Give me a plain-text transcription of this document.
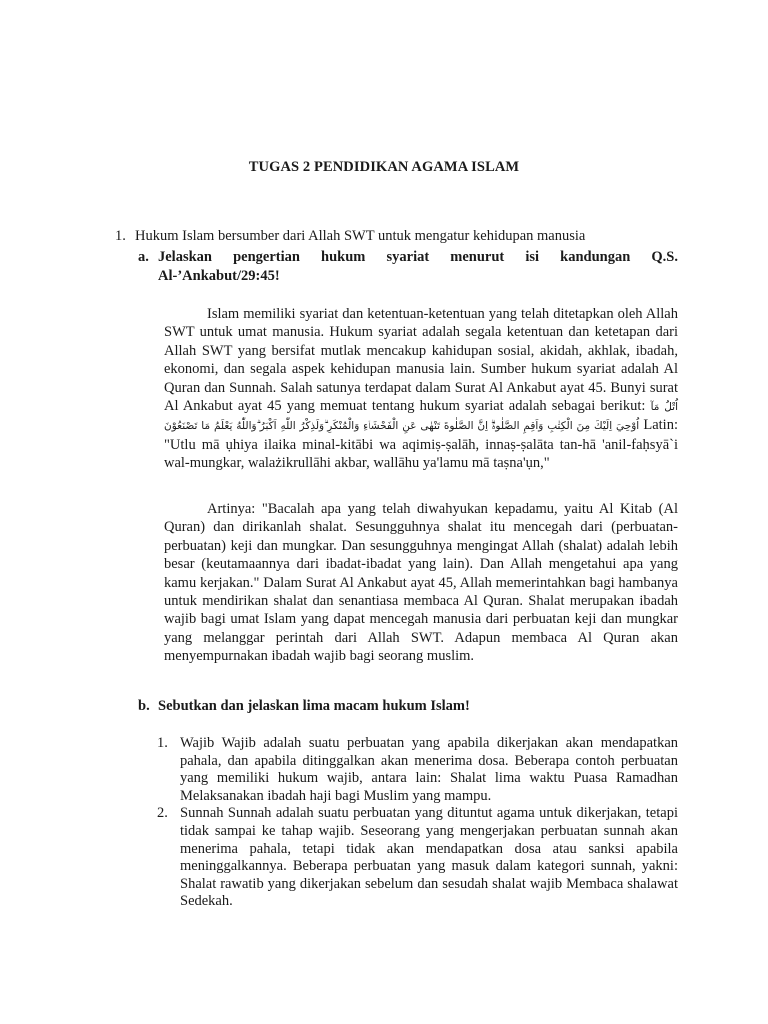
TUGAS 2 PENDIDIKAN AGAMA ISLAM
1. Hukum Islam bersumber dari Allah SWT untuk mengatur kehidupan manusia
a. Jelaskan pengertian hukum syariat menurut isi kandungan Q.S. Al-’Ankabut/29:45!
Islam memiliki syariat dan ketentuan-ketentuan yang telah ditetapkan oleh Allah SWT untuk umat manusia. Hukum syariat adalah segala ketentuan dan ketetapan dari Allah SWT yang bersifat mutlak mencakup kahidupan sosial, akidah, akhlak, ibadah, ekonomi, dan segala aspek kehidupan manusia lain. Sumber hukum syariat adalah Al Quran dan Sunnah. Salah satunya terdapat dalam Surat Al Ankabut ayat 45. Bunyi surat Al Ankabut ayat 45 yang memuat tentang hukum syariat adalah sebagai berikut: اُتْلُ مَآ اُوْحِيَ اِلَيْكَ مِنَ الْكِتٰبِ وَاَقِمِ الصَّلٰوةَۗ اِنَّ الصَّلٰوةَ تَنْهٰى عَنِ الْفَحْشَاۤءِ وَالْمُنْكَرِ ۗوَلَذِكْرُ اللّٰهِ اَكْبَرُ ۗوَاللّٰهُ يَعْلَمُ مَا تَصْنَعُوْنَ Latin: "Utlu mā ụhiya ilaika minal-kitābi wa aqimiṣ-ṣalāh, innaṣ-ṣalāta tan-hā 'anil-faḥsyā`i wal-mungkar, walażikrullāhi akbar, wallāhu ya'lamu mā taṣna'ụn,"
Artinya: "Bacalah apa yang telah diwahyukan kepadamu, yaitu Al Kitab (Al Quran) dan dirikanlah shalat. Sesungguhnya shalat itu mencegah dari (perbuatan-perbuatan) keji dan mungkar. Dan sesungguhnya mengingat Allah (shalat) adalah lebih besar (keutamaannya dari ibadat-ibadat yang lain). Dan Allah mengetahui apa yang kamu kerjakan." Dalam Surat Al Ankabut ayat 45, Allah memerintahkan bagi hambanya untuk mendirikan shalat dan senantiasa membaca Al Quran. Shalat merupakan ibadah wajib bagi umat Islam yang dapat mencegah manusia dari perbuatan keji dan mungkar yang melanggar perintah dari Allah SWT. Adapun membaca Al Quran akan menyempurnakan ibadah wajib bagi seorang muslim.
b. Sebutkan dan jelaskan lima macam hukum Islam!
1. Wajib Wajib adalah suatu perbuatan yang apabila dikerjakan akan mendapatkan pahala, dan apabila ditinggalkan akan menerima dosa. Beberapa contoh perbuatan yang memiliki hukum wajib, antara lain: Shalat lima waktu Puasa Ramadhan Melaksanakan ibadah haji bagi Muslim yang mampu.
2. Sunnah Sunnah adalah suatu perbuatan yang dituntut agama untuk dikerjakan, tetapi tidak sampai ke tahap wajib. Seseorang yang mengerjakan perbuatan sunnah akan menerima pahala, tetapi tidak akan mendapatkan dosa atau sanksi apabila meninggalkannya. Beberapa perbuatan yang masuk dalam kategori sunnah, yakni: Shalat rawatib yang dikerjakan sebelum dan sesudah shalat wajib Membaca shalawat Sedekah.
